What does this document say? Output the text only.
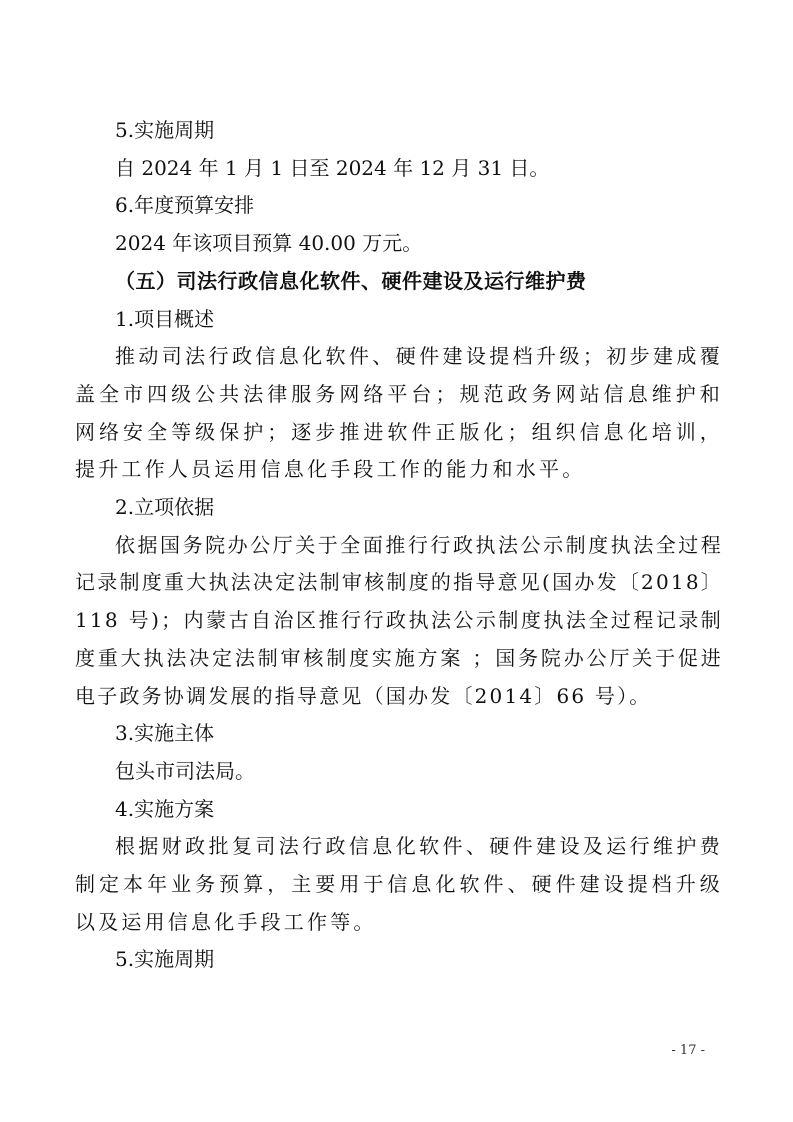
5.实施周期

自 2024 年 1 月 1 日至 2024 年 12 月 31 日。

6.年度预算安排

2024 年该项目预算 40.00 万元。

（五）司法行政信息化软件、硬件建设及运行维护费

1.项目概述

推动司法行政信息化软件、硬件建设提档升级；初步建成覆盖全市四级公共法律服务网络平台；规范政务网站信息维护和网络安全等级保护；逐步推进软件正版化；组织信息化培训，提升工作人员运用信息化手段工作的能力和水平。

2.立项依据

依据国务院办公厅关于全面推行行政执法公示制度执法全过程记录制度重大执法决定法制审核制度的指导意见(国办发〔2018〕118 号)；内蒙古自治区推行行政执法公示制度执法全过程记录制度重大执法决定法制审核制度实施方案 ；国务院办公厅关于促进电子政务协调发展的指导意见（国办发〔2014〕66 号）。

3.实施主体

包头市司法局。

4.实施方案

根据财政批复司法行政信息化软件、硬件建设及运行维护费制定本年业务预算，主要用于信息化软件、硬件建设提档升级以及运用信息化手段工作等。

5.实施周期

- 17 -
